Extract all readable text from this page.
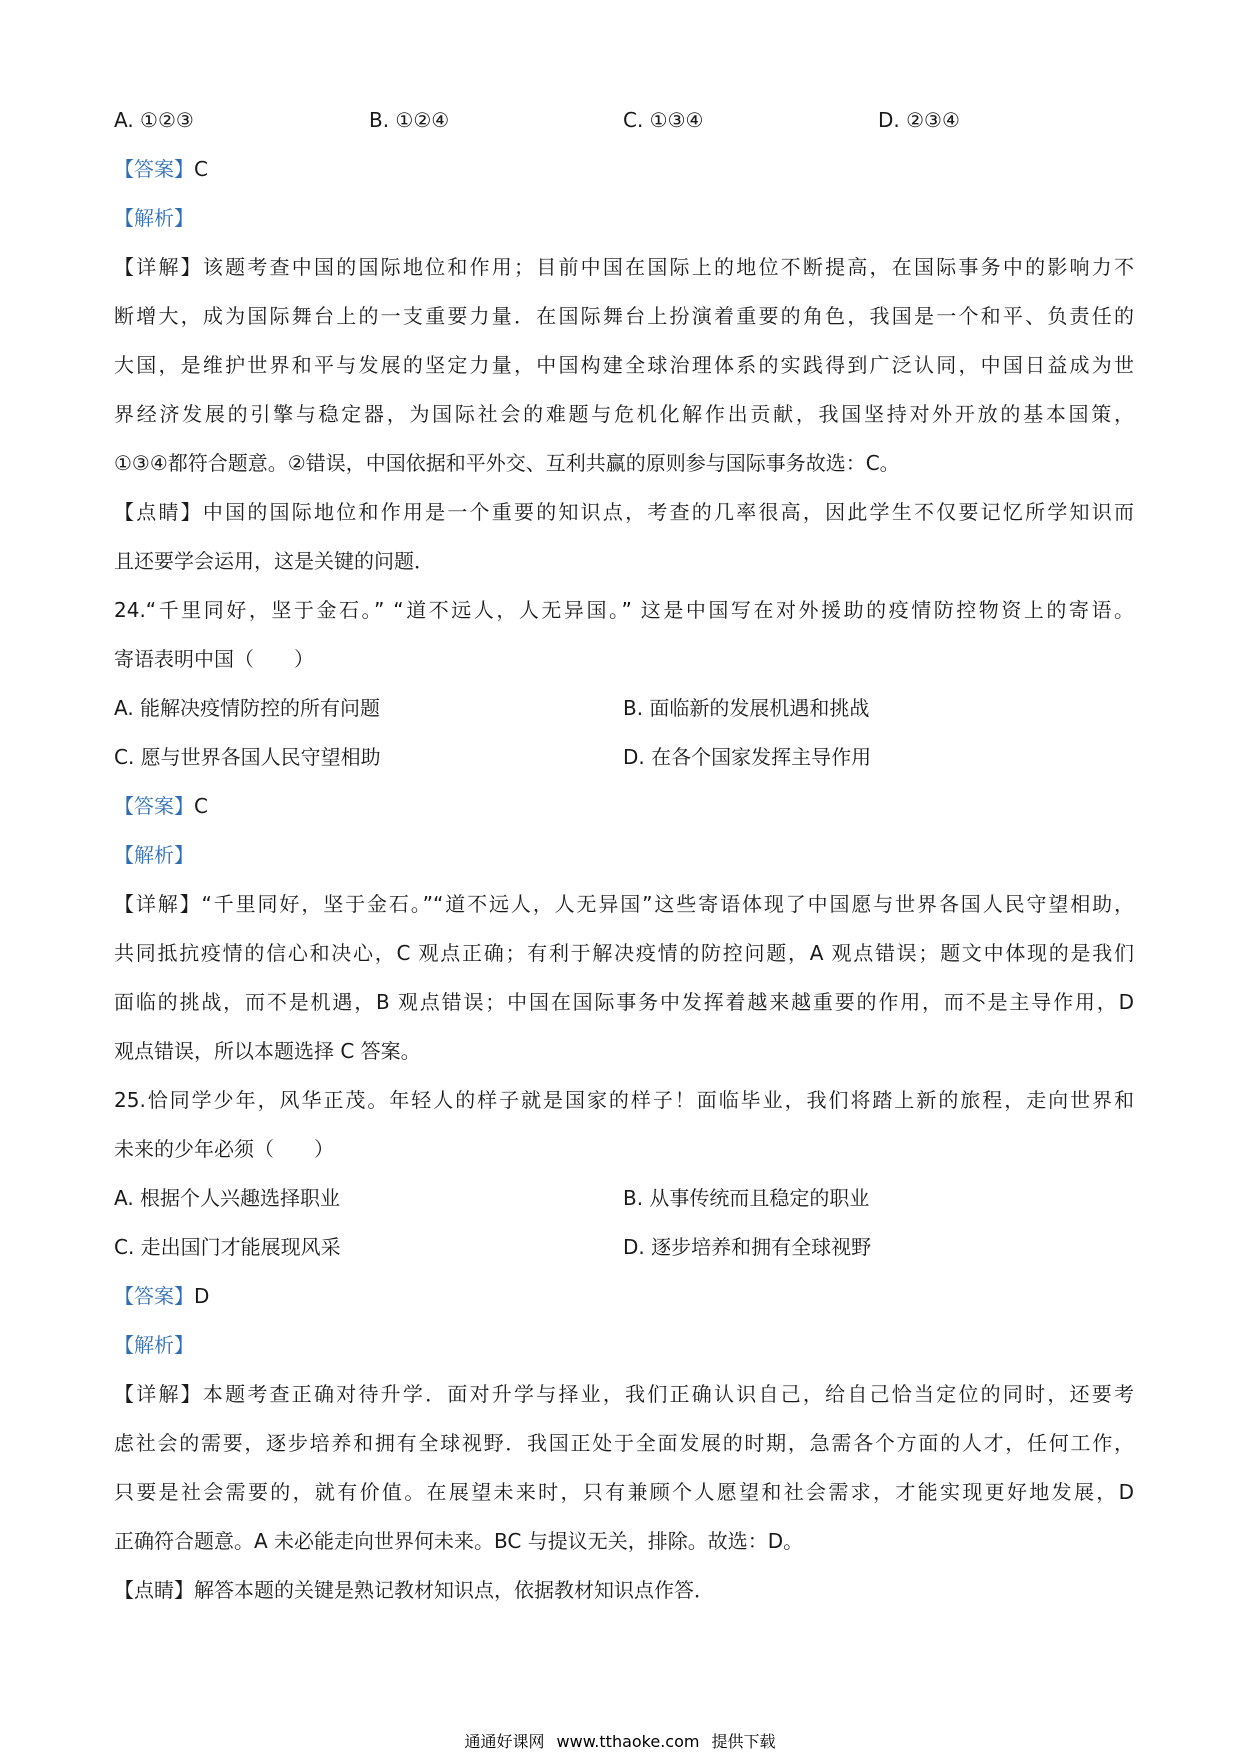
A. ①②③	B. ①②④	C. ①③④	D. ②③④
【答案】C
【解析】
【详解】该题考查中国的国际地位和作用；目前中国在国际上的地位不断提高，在国际事务中的影响力不
断增大，成为国际舞台上的一支重要力量．在国际舞台上扮演着重要的角色，我国是一个和平、负责任的
大国，是维护世界和平与发展的坚定力量，中国构建全球治理体系的实践得到广泛认同，中国日益成为世
界经济发展的引擎与稳定器，为国际社会的难题与危机化解作出贡献，我国坚持对外开放的基本国策，
①③④都符合题意。②错误，中国依据和平外交、互利共赢的原则参与国际事务故选：C。
【点睛】中国的国际地位和作用是一个重要的知识点，考查的几率很高，因此学生不仅要记忆所学知识而
且还要学会运用，这是关键的问题．
24.“千里同好，坚于金石。” “道不远人，人无异国。” 这是中国写在对外援助的疫情防控物资上的寄语。
寄语表明中国（　　）
A. 能解决疫情防控的所有问题	B. 面临新的发展机遇和挑战
C. 愿与世界各国人民守望相助	D. 在各个国家发挥主导作用
【答案】C
【解析】
【详解】“千里同好，坚于金石。”“道不远人，人无异国”这些寄语体现了中国愿与世界各国人民守望相助，
共同抵抗疫情的信心和决心，C 观点正确；有利于解决疫情的防控问题，A 观点错误；题文中体现的是我们
面临的挑战，而不是机遇，B 观点错误；中国在国际事务中发挥着越来越重要的作用，而不是主导作用，D
观点错误，所以本题选择 C 答案。
25.恰同学少年，风华正茂。年轻人的样子就是国家的样子！面临毕业，我们将踏上新的旅程，走向世界和
未来的少年必须（　　）
A. 根据个人兴趣选择职业	B. 从事传统而且稳定的职业
C. 走出国门才能展现风采	D. 逐步培养和拥有全球视野
【答案】D
【解析】
【详解】本题考查正确对待升学．面对升学与择业，我们正确认识自己，给自己恰当定位的同时，还要考
虑社会的需要，逐步培养和拥有全球视野．我国正处于全面发展的时期，急需各个方面的人才，任何工作，
只要是社会需要的，就有价值。在展望未来时，只有兼顾个人愿望和社会需求，才能实现更好地发展，D
正确符合题意。A 未必能走向世界何未来。BC 与提议无关，排除。故选：D。
【点睛】解答本题的关键是熟记教材知识点，依据教材知识点作答．
通通好课网 www.tthaoke.com 提供下载
